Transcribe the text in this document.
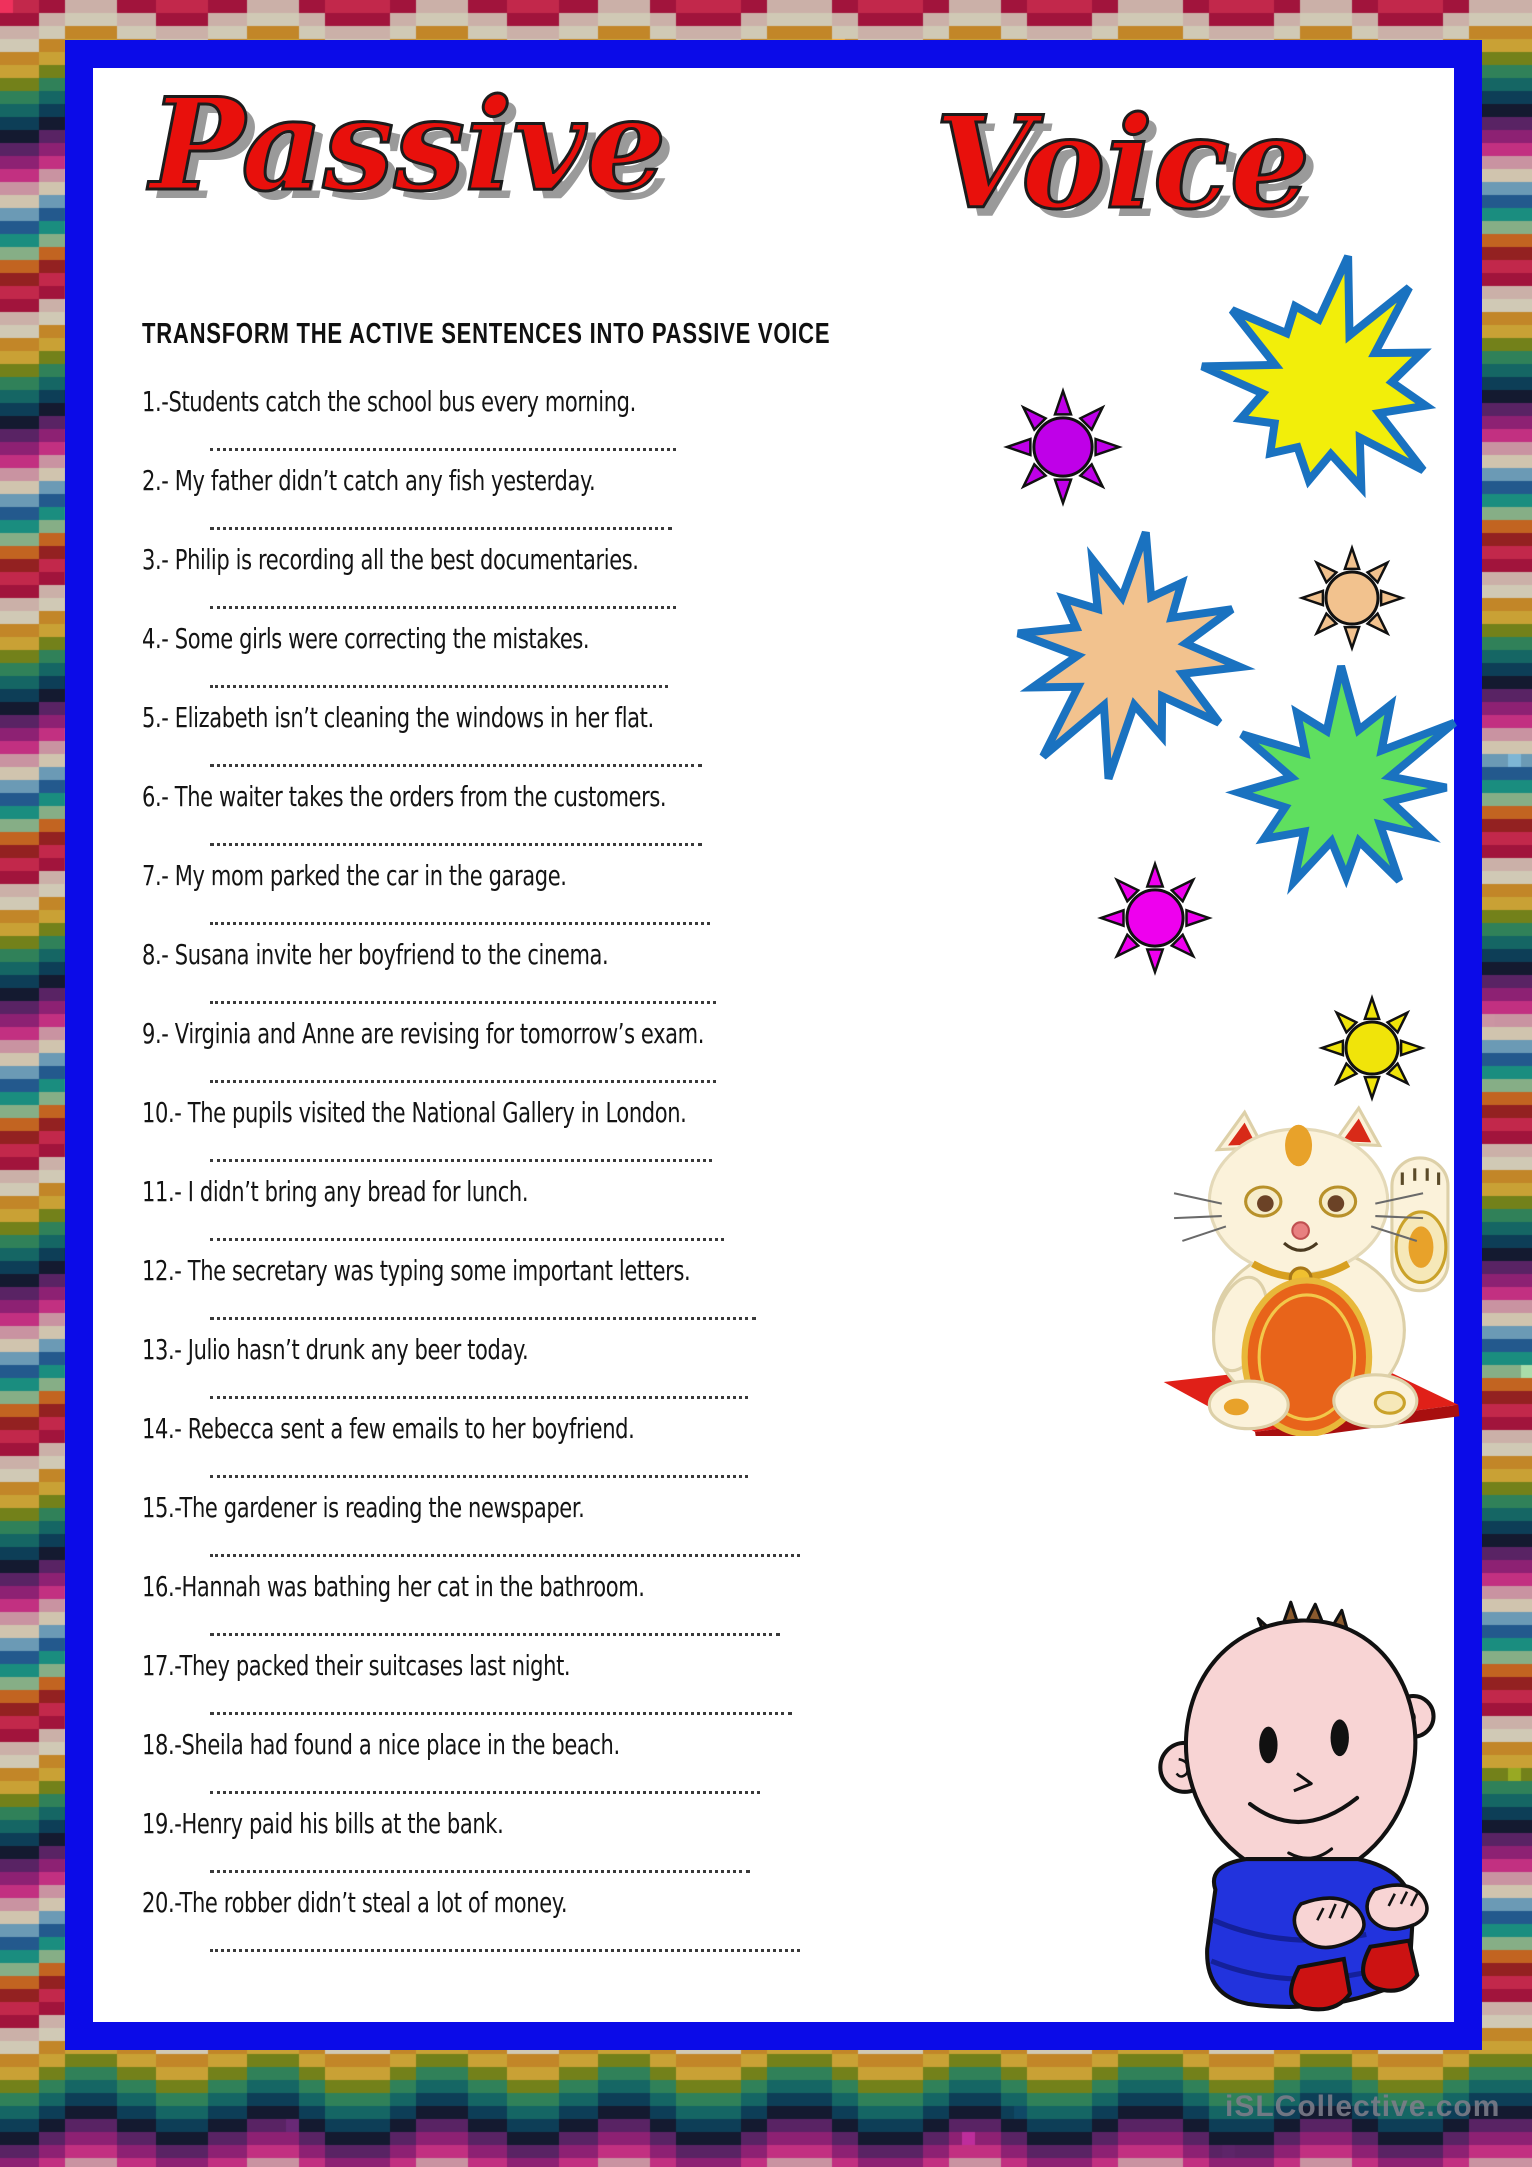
Passive Voice
TRANSFORM THE ACTIVE SENTENCES INTO PASSIVE VOICE
1.-Students catch the school bus every morning.
2.- My father didn’t catch any fish yesterday.
3.- Philip is recording all the best documentaries.
4.- Some girls were correcting the mistakes.
5.- Elizabeth isn’t cleaning the windows in her flat.
6.- The waiter takes the orders from the customers.
7.- My mom parked the car in the garage.
8.- Susana invite her boyfriend to the cinema.
9.- Virginia and Anne are revising for tomorrow’s exam.
10.- The pupils visited the National Gallery in London.
11.- I didn’t bring any bread for lunch.
12.- The secretary was typing some important letters.
13.- Julio hasn’t drunk any beer today.
14.- Rebecca sent a few emails to her boyfriend.
15.-The gardener is reading the newspaper.
16.-Hannah was bathing her cat in the bathroom.
17.-They packed their suitcases last night.
18.-Sheila had found a nice place in the beach.
19.-Henry paid his bills at the bank.
20.-The robber didn’t steal a lot of money.
iSLCollective.com
